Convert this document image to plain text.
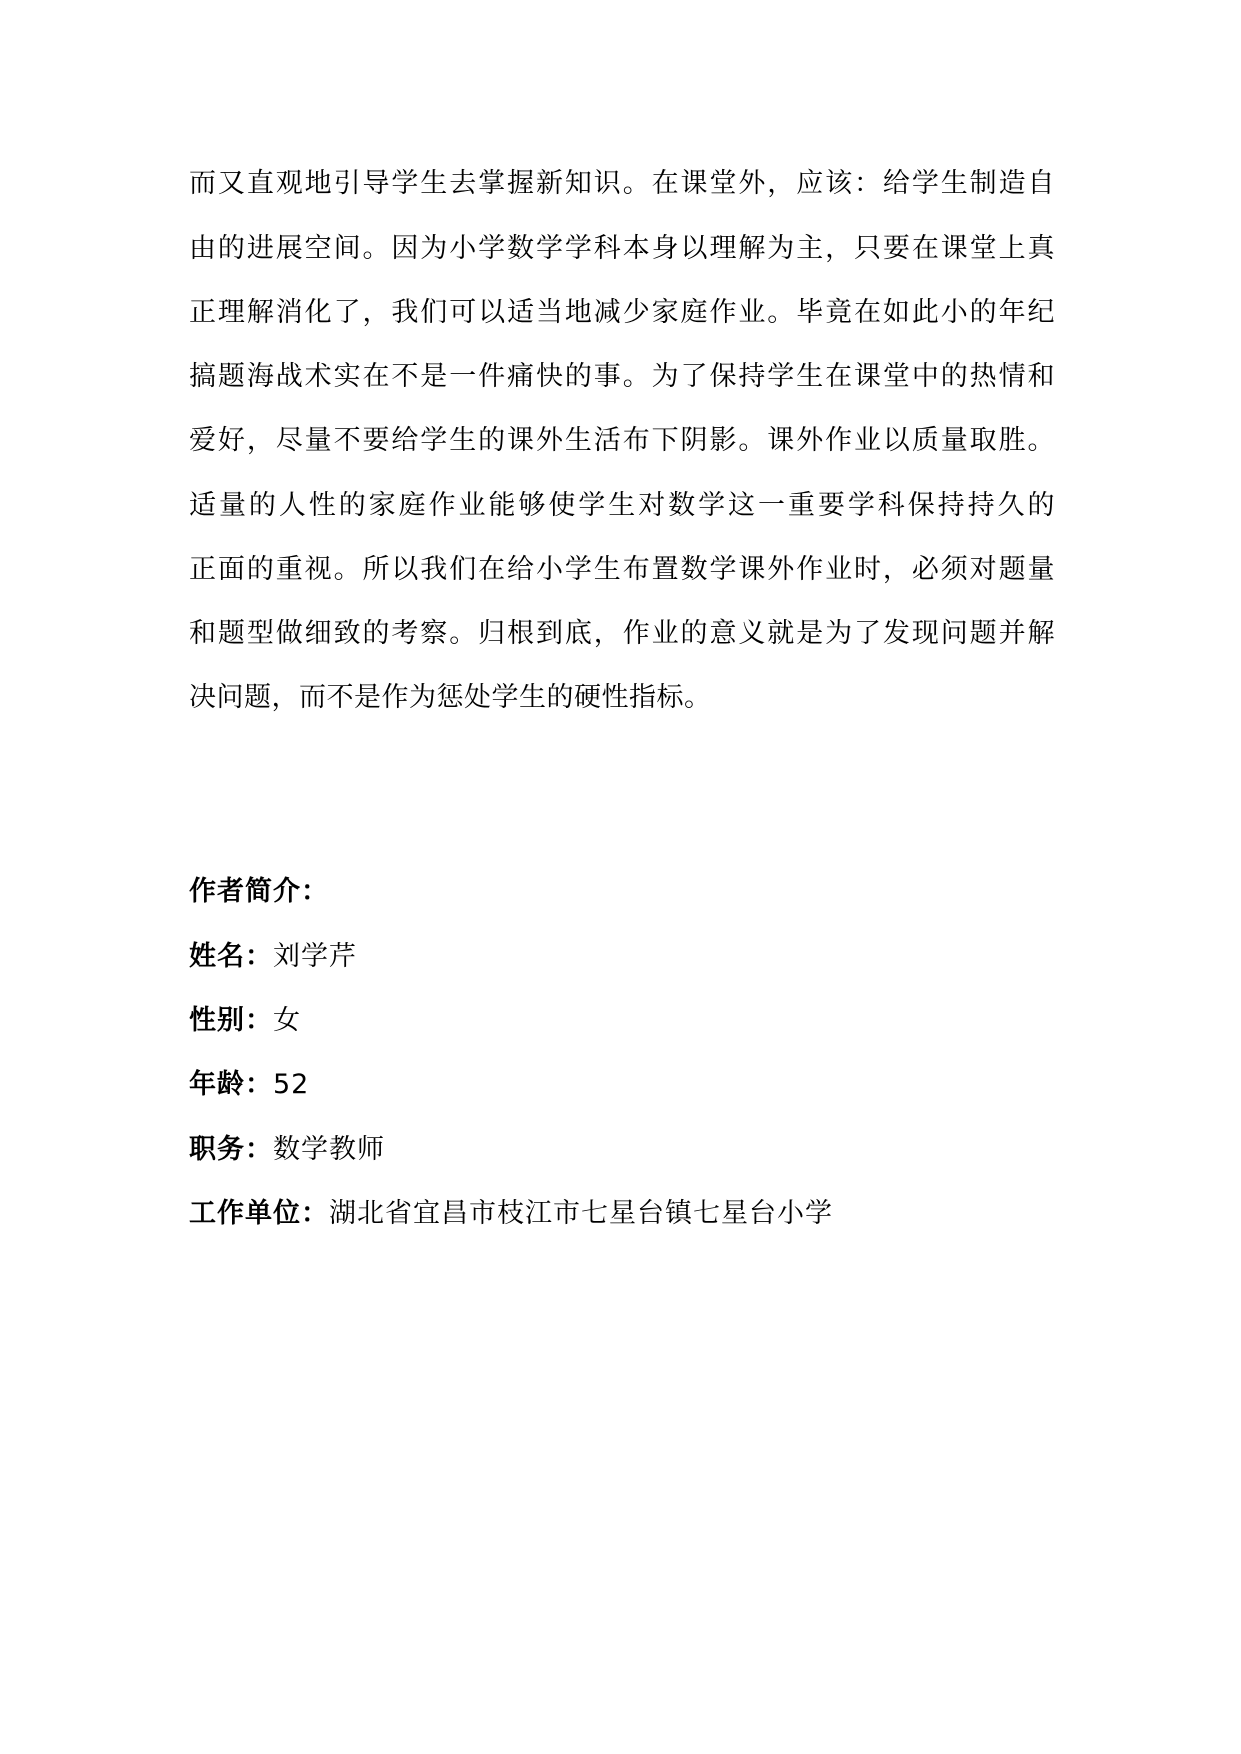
而又直观地引导学生去掌握新知识。在课堂外，应该：给学生制造自
由的进展空间。因为小学数学学科本身以理解为主，只要在课堂上真
正理解消化了，我们可以适当地减少家庭作业。毕竟在如此小的年纪
搞题海战术实在不是一件痛快的事。为了保持学生在课堂中的热情和
爱好，尽量不要给学生的课外生活布下阴影。课外作业以质量取胜。
适量的人性的家庭作业能够使学生对数学这一重要学科保持持久的
正面的重视。所以我们在给小学生布置数学课外作业时，必须对题量
和题型做细致的考察。归根到底，作业的意义就是为了发现问题并解
决问题，而不是作为惩处学生的硬性指标。
作者简介：
姓名：刘学芹
性别：女
年龄：52
职务：数学教师
工作单位：湖北省宜昌市枝江市七星台镇七星台小学
